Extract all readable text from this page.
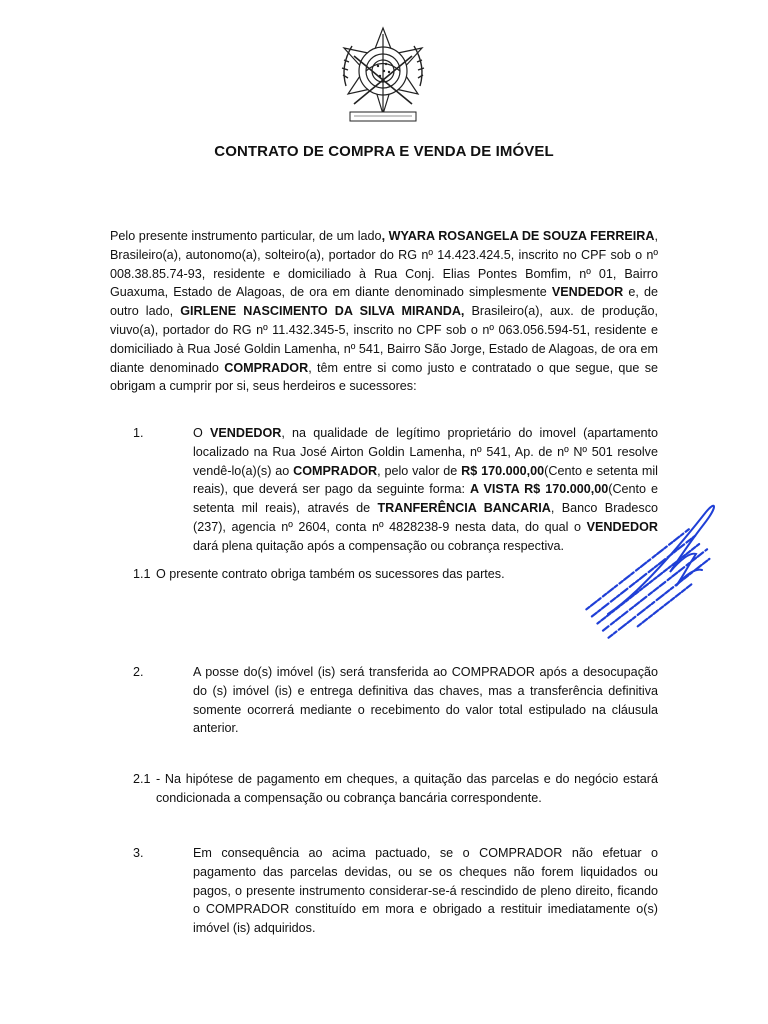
CONTRATO DE COMPRA E VENDA DE IMÓVEL
Pelo presente instrumento particular, de um lado, WYARA ROSANGELA DE SOUZA FERREIRA, Brasileiro(a), autonomo(a), solteiro(a), portador do RG nº 14.423.424.5, inscrito no CPF sob o nº 008.38.85.74-93, residente e domiciliado à Rua Conj. Elias Pontes Bomfim, nº 01, Bairro Guaxuma, Estado de Alagoas, de ora em diante denominado simplesmente VENDEDOR e, de outro lado, GIRLENE NASCIMENTO DA SILVA MIRANDA, Brasileiro(a), aux. de produção, viuvo(a), portador do RG nº 11.432.345-5, inscrito no CPF sob o nº 063.056.594-51, residente e domiciliado à Rua José Goldin Lamenha, nº 541, Bairro São Jorge, Estado de Alagoas, de ora em diante denominado COMPRADOR, têm entre si como justo e contratado o que segue, que se obrigam a cumprir por si, seus herdeiros e sucessores:
1.	O VENDEDOR, na qualidade de legítimo proprietário do imovel (apartamento localizado na Rua José Airton Goldin Lamenha, nº 541, Ap. de nº Nº 501 resolve vendê-lo(a)(s) ao COMPRADOR, pelo valor de R$ 170.000,00(Cento e setenta mil reais), que deverá ser pago da seguinte forma: A VISTA R$ 170.000,00(Cento e setenta mil reais), através de TRANFERÊNCIA BANCARIA, Banco Bradesco (237), agencia nº 2604, conta nº 4828238-9 nesta data, do qual o VENDEDOR dará plena quitação após a compensação ou cobrança respectiva.
1.1 O presente contrato obriga também os sucessores das partes.
2.	A posse do(s) imóvel (is) será transferida ao COMPRADOR após a desocupação do (s) imóvel (is) e entrega definitiva das chaves, mas a transferência definitiva somente ocorrerá mediante o recebimento do valor total estipulado na cláusula anterior.
2.1 - Na hipótese de pagamento em cheques, a quitação das parcelas e do negócio estará condicionada a compensação ou cobrança bancária correspondente.
3.	Em consequência ao acima pactuado, se o COMPRADOR não efetuar o pagamento das parcelas devidas, ou se os cheques não forem liquidados ou pagos, o presente instrumento considerar-se-á rescindido de pleno direito, ficando o COMPRADOR constituído em mora e obrigado a restituir imediatamente o(s) imóvel (is) adquiridos.
